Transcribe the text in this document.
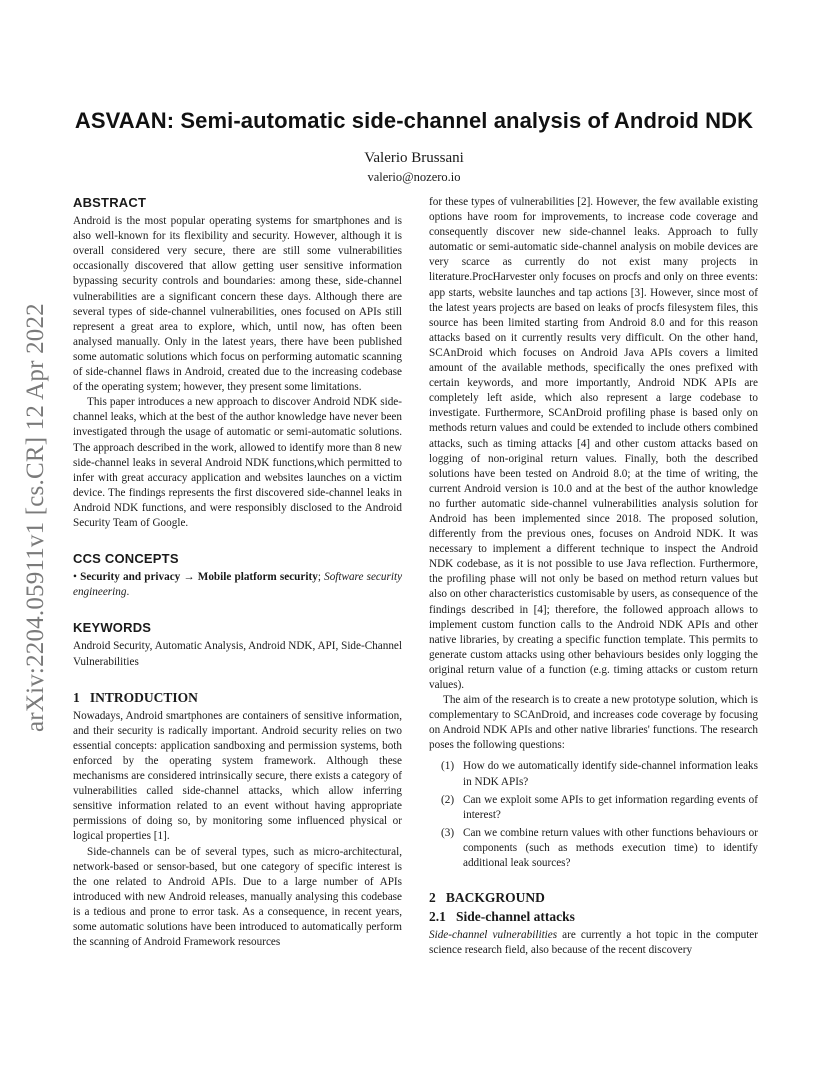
arXiv:2204.05911v1 [cs.CR] 12 Apr 2022
ASVAAN: Semi-automatic side-channel analysis of Android NDK
Valerio Brussani
valerio@nozero.io
ABSTRACT

Android is the most popular operating systems for smartphones and is also well-known for its flexibility and security. However, although it is overall considered very secure, there are still some vulnerabilities occasionally discovered that allow getting user sensitive information bypassing security controls and boundaries: among these, side-channel vulnerabilities are a significant concern these days. Although there are several types of side-channel vulnerabilities, ones focused on APIs still represent a great area to explore, which, until now, has often been analysed manually. Only in the latest years, there have been published some automatic solutions which focus on performing automatic scanning of side-channel flaws in Android, created due to the increasing codebase of the operating system; however, they present some limitations.

This paper introduces a new approach to discover Android NDK side-channel leaks, which at the best of the author knowledge have never been investigated through the usage of automatic or semi-automatic solutions. The approach described in the work, allowed to identify more than 8 new side-channel leaks in several Android NDK functions,which permitted to infer with great accuracy application and websites launches on a victim device. The findings represents the first discovered side-channel leaks in Android NDK functions, and were responsibly disclosed to the Android Security Team of Google.

CCS CONCEPTS

• Security and privacy → Mobile platform security; Software security engineering.

KEYWORDS

Android Security, Automatic Analysis, Android NDK, API, Side-Channel Vulnerabilities

1 INTRODUCTION

Nowadays, Android smartphones are containers of sensitive information, and their security is radically important. Android security relies on two essential concepts: application sandboxing and permission systems, both enforced by the operating system framework. Although these mechanisms are considered intrinsically secure, there exists a category of vulnerabilities called side-channel attacks, which allow inferring sensitive information related to an event without having appropriate permissions of doing so, by monitoring some influenced physical or logical properties [1].

Side-channels can be of several types, such as micro-architectural, network-based or sensor-based, but one category of specific interest is the one related to Android APIs. Due to a large number of APIs introduced with new Android releases, manually analysing this codebase is a tedious and prone to error task. As a consequence, in recent years, some automatic solutions have been introduced to automatically perform the scanning of Android Framework resources

for these types of vulnerabilities [2]. However, the few available existing options have room for improvements, to increase code coverage and consequently discover new side-channel leaks. Approach to fully automatic or semi-automatic side-channel analysis on mobile devices are very scarce as currently do not exist many projects in literature.ProcHarvester only focuses on procfs and only on three events: app starts, website launches and tap actions [3]. However, since most of the latest years projects are based on leaks of procfs filesystem files, this source has been limited starting from Android 8.0 and for this reason attacks based on it currently results very difficult. On the other hand, SCAnDroid which focuses on Android Java APIs covers a limited amount of the available methods, specifically the ones prefixed with certain keywords, and more importantly, Android NDK APIs are completely left aside, which also represent a large codebase to investigate. Furthermore, SCAnDroid profiling phase is based only on methods return values and could be extended to include others combined attacks, such as timing attacks [4] and other custom attacks based on logging of non-original return values. Finally, both the described solutions have been tested on Android 8.0; at the time of writing, the current Android version is 10.0 and at the best of the author knowledge no further automatic side-channel vulnerabilities analysis solution for Android has been implemented since 2018. The proposed solution, differently from the previous ones, focuses on Android NDK. It was necessary to implement a different technique to inspect the Android NDK codebase, as it is not possible to use Java reflection. Furthermore, the profiling phase will not only be based on method return values but also on other characteristics customisable by users, as consequence of the findings described in [4]; therefore, the followed approach allows to implement custom function calls to the Android NDK APIs and other native libraries, by creating a specific function template. This permits to generate custom attacks using other behaviours besides only logging the original return value of a function (e.g. timing attacks or custom return values).

The aim of the research is to create a new prototype solution, which is complementary to SCAnDroid, and increases code coverage by focusing on Android NDK APIs and other native libraries' functions. The research poses the following questions:

(1) How do we automatically identify side-channel information leaks in NDK APIs?
(2) Can we exploit some APIs to get information regarding events of interest?
(3) Can we combine return values with other functions behaviours or components (such as methods execution time) to identify additional leak sources?
2 BACKGROUND
2.1 Side-channel attacks

Side-channel vulnerabilities are currently a hot topic in the computer science research field, also because of the recent discovery
